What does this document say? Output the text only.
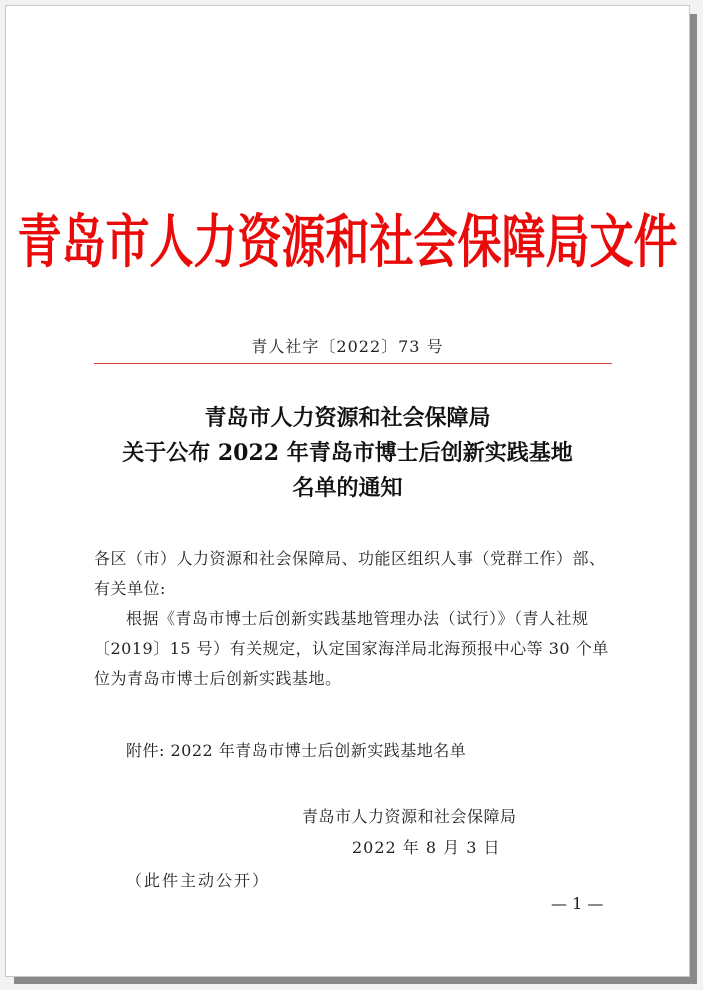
青岛市人力资源和社会保障局文件
青人社字〔2022〕73 号
青岛市人力资源和社会保障局
关于公布 2022 年青岛市博士后创新实践基地
名单的通知
各区（市）人力资源和社会保障局、功能区组织人事（党群工作）部、有关单位:
根据《青岛市博士后创新实践基地管理办法（试行）》（青人社规〔2019〕15 号）有关规定，认定国家海洋局北海预报中心等 30 个单位为青岛市博士后创新实践基地。
附件: 2022 年青岛市博士后创新实践基地名单
青岛市人力资源和社会保障局
2022 年 8 月 3 日
（此件主动公开）
— 1 —
